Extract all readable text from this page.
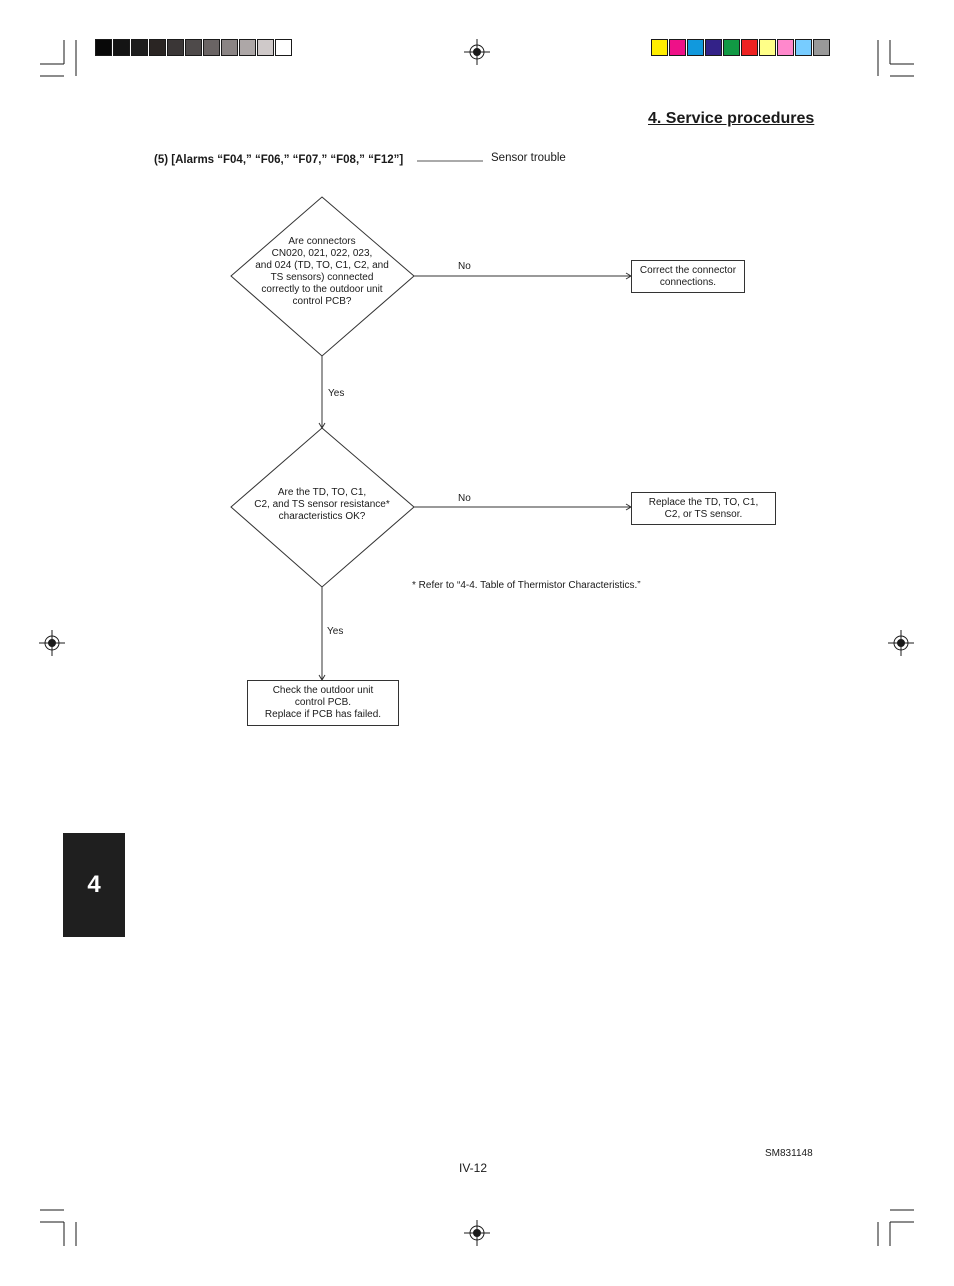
4. Service procedures
(5) [Alarms “F04,” “F06,” “F07,” “F08,” “F12”]	Sensor trouble
Are connectors
CN020, 021, 022, 023,
and 024 (TD, TO, C1, C2, and
TS sensors) connected
correctly to the outdoor unit
control PCB?
No	Correct the connector
connections.
Yes
Are the TD, TO, C1,
C2, and TS sensor resistance*
characteristics OK?
No	Replace the TD, TO, C1,
C2, or TS sensor.
* Refer to “4-4. Table of Thermistor Characteristics.”
Yes
Check the outdoor unit
control PCB.
Replace if PCB has failed.
4
IV-12
SM831148
